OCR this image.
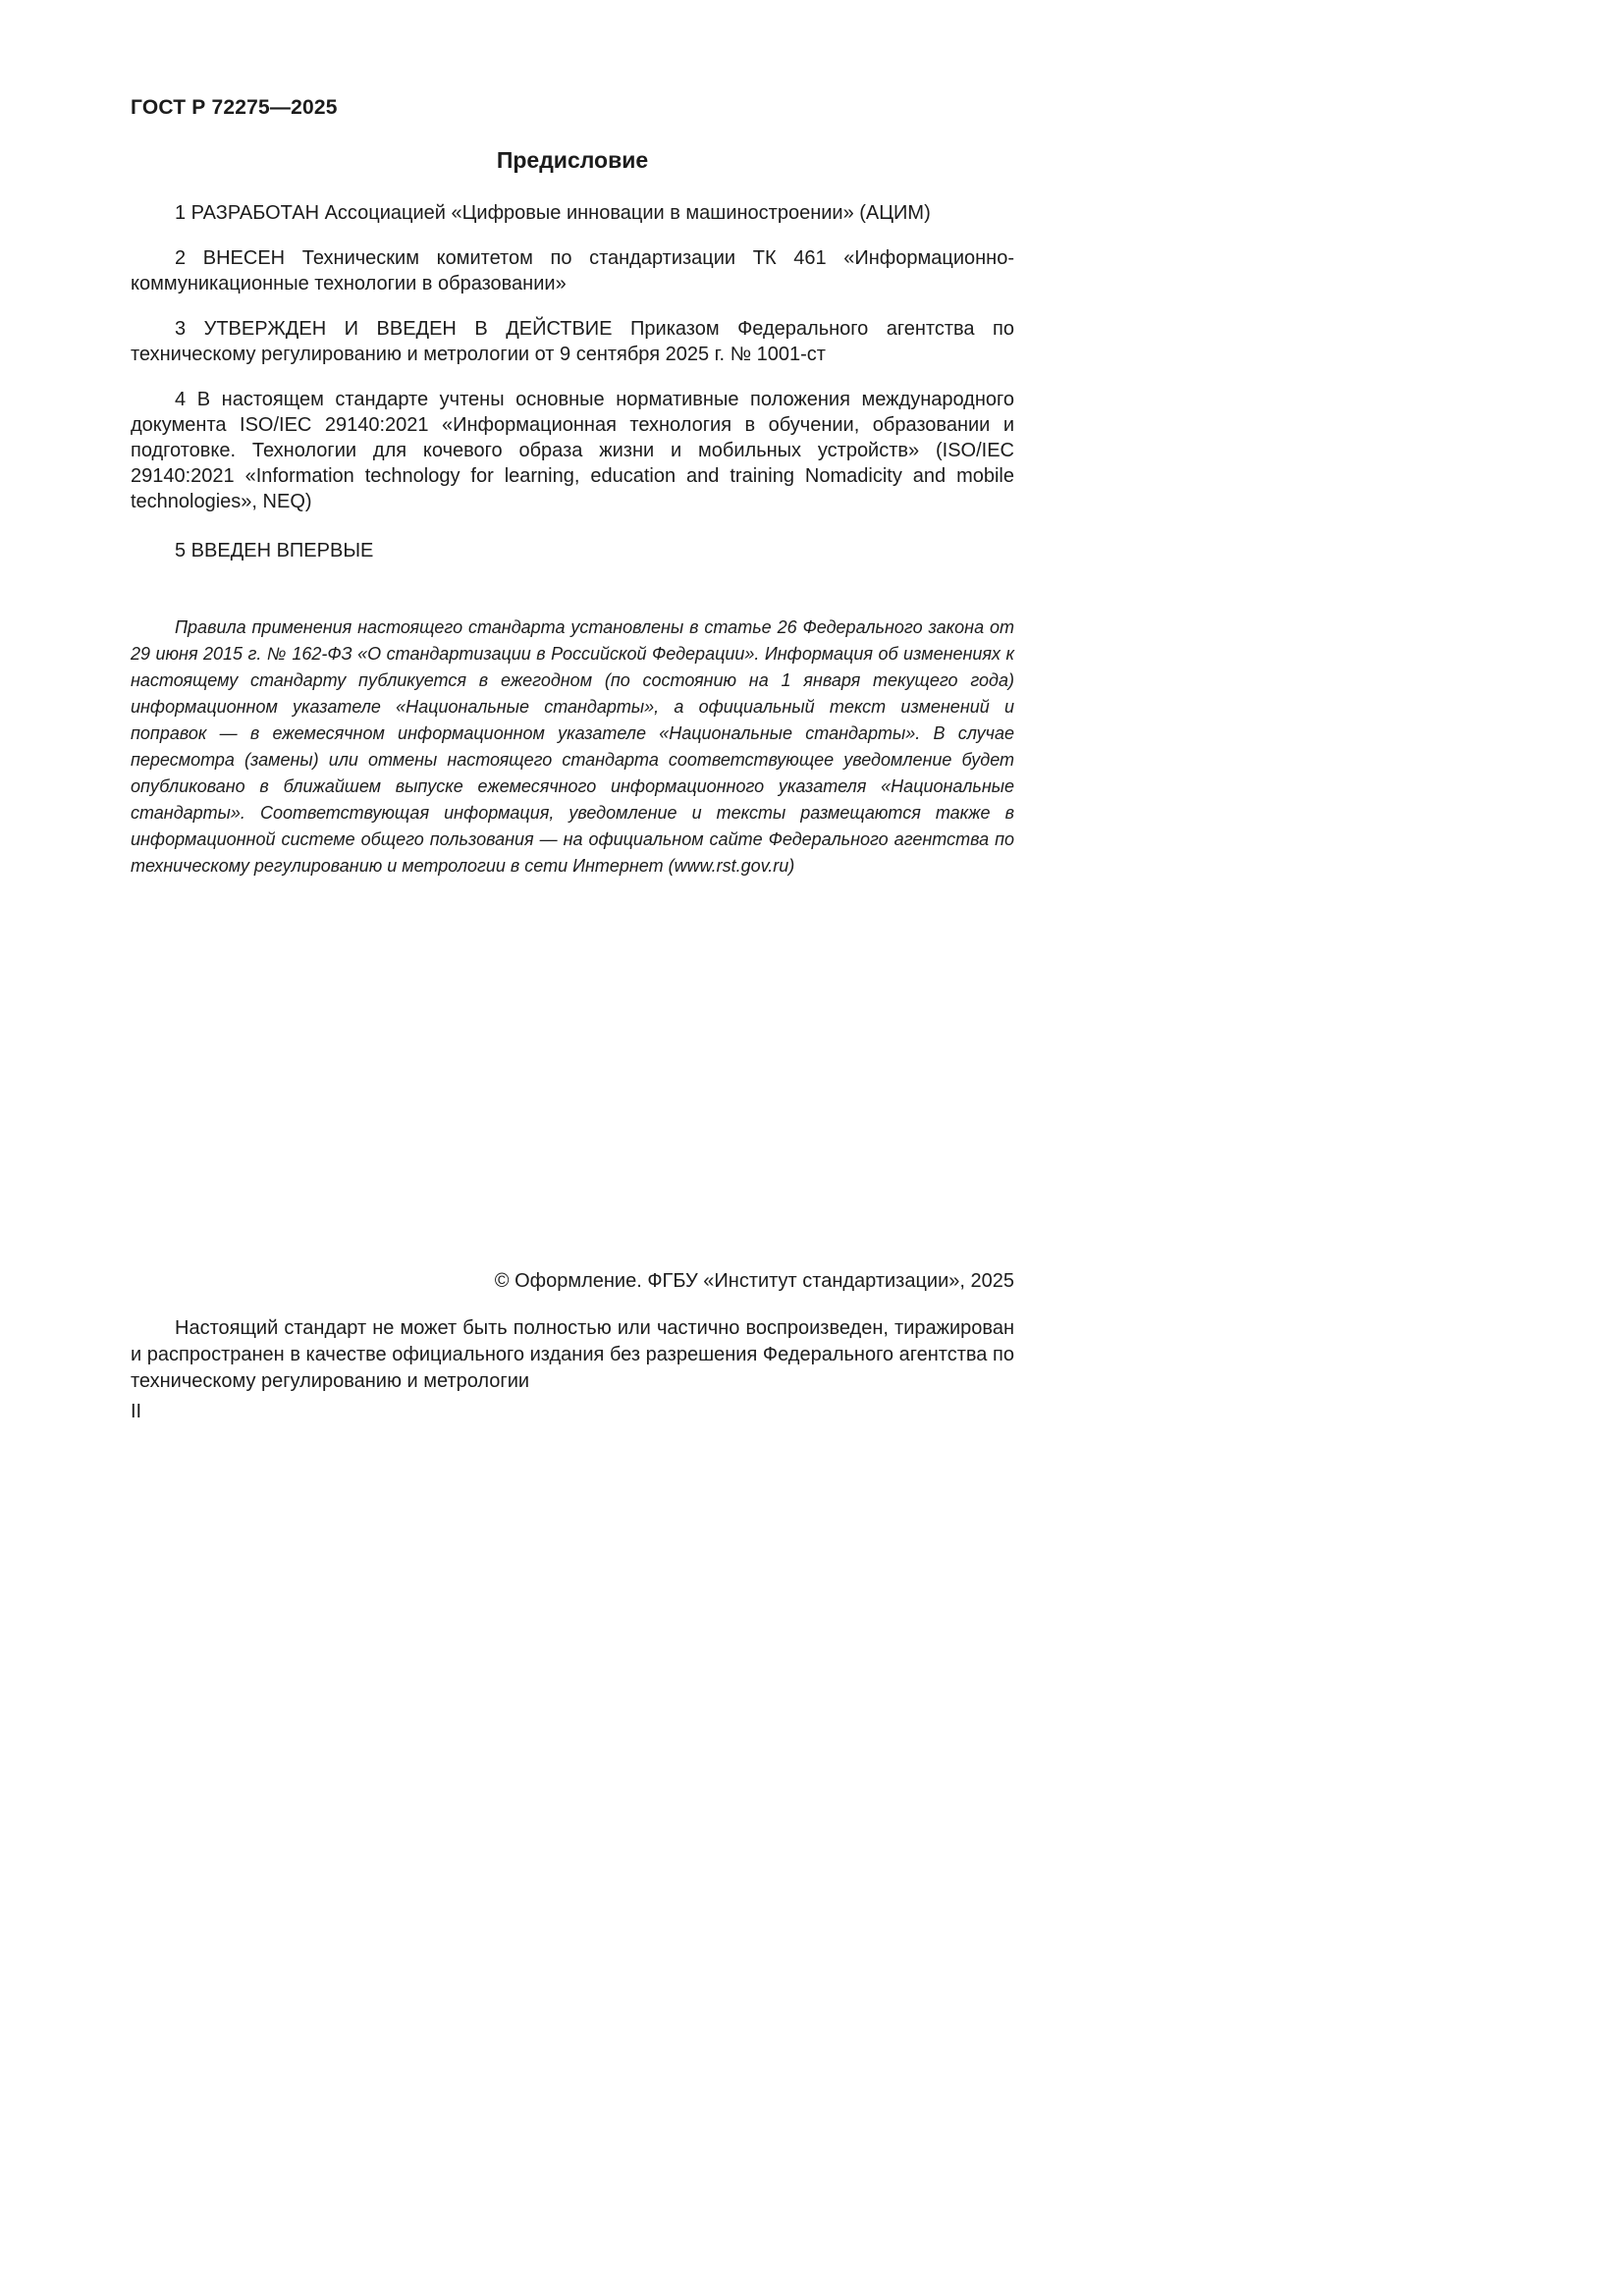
ГОСТ Р 72275—2025
Предисловие

1 РАЗРАБОТАН Ассоциацией «Цифровые инновации в машиностроении» (АЦИМ)

2 ВНЕСЕН Техническим комитетом по стандартизации ТК 461 «Информационно-коммуникационные технологии в образовании»

3 УТВЕРЖДЕН И ВВЕДЕН В ДЕЙСТВИЕ Приказом Федерального агентства по техническому регулированию и метрологии от 9 сентября 2025 г. № 1001-ст

4 В настоящем стандарте учтены основные нормативные положения международного документа ISO/IEC 29140:2021 «Информационная технология в обучении, образовании и подготовке. Технологии для кочевого образа жизни и мобильных устройств» (ISO/IEC 29140:2021 «Information technology for learning, education and training Nomadicity and mobile technologies», NEQ)

5 ВВЕДЕН ВПЕРВЫЕ

Правила применения настоящего стандарта установлены в статье 26 Федерального закона от 29 июня 2015 г. № 162-ФЗ «О стандартизации в Российской Федерации». Информация об изменениях к настоящему стандарту публикуется в ежегодном (по состоянию на 1 января текущего года) информационном указателе «Национальные стандарты», а официальный текст изменений и поправок — в ежемесячном информационном указателе «Национальные стандарты». В случае пересмотра (замены) или отмены настоящего стандарта соответствующее уведомление будет опубликовано в ближайшем выпуске ежемесячного информационного указателя «Национальные стандарты». Соответствующая информация, уведомление и тексты размещаются также в информационной системе общего пользования — на официальном сайте Федерального агентства по техническому регулированию и метрологии в сети Интернет (www.rst.gov.ru)

© Оформление. ФГБУ «Институт стандартизации», 2025

Настоящий стандарт не может быть полностью или частично воспроизведен, тиражирован и распространен в качестве официального издания без разрешения Федерального агентства по техническому регулированию и метрологии

II
